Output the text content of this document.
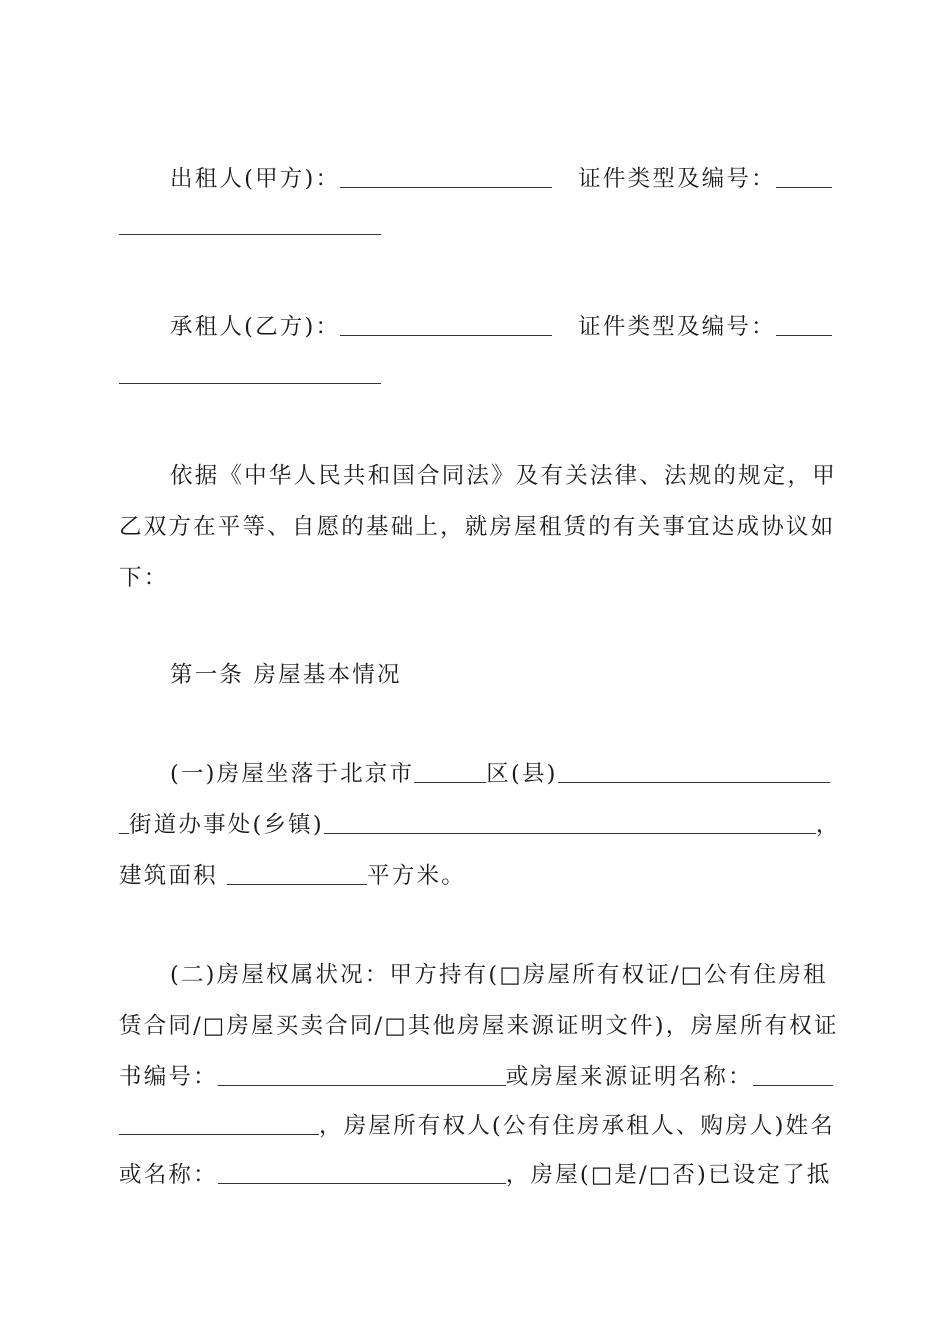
出租人(甲方)：	证件类型及编号：
承租人(乙方)：	证件类型及编号：
依据《中华人民共和国合同法》及有关法律、法规的规定，甲
乙双方在平等、自愿的基础上，就房屋租赁的有关事宜达成协议如
下：
第一条 房屋基本情况
(一)房屋坐落于北京市	区(县)
街道办事处(乡镇)	，
建筑面积	平方米。
(二)房屋权属状况：甲方持有(□房屋所有权证/□公有住房租
赁合同/□房屋买卖合同/□其他房屋来源证明文件)，房屋所有权证
书编号：	或房屋来源证明名称：
，房屋所有权人(公有住房承租人、购房人)姓名
或名称：	，房屋(□是/□否)已设定了抵
